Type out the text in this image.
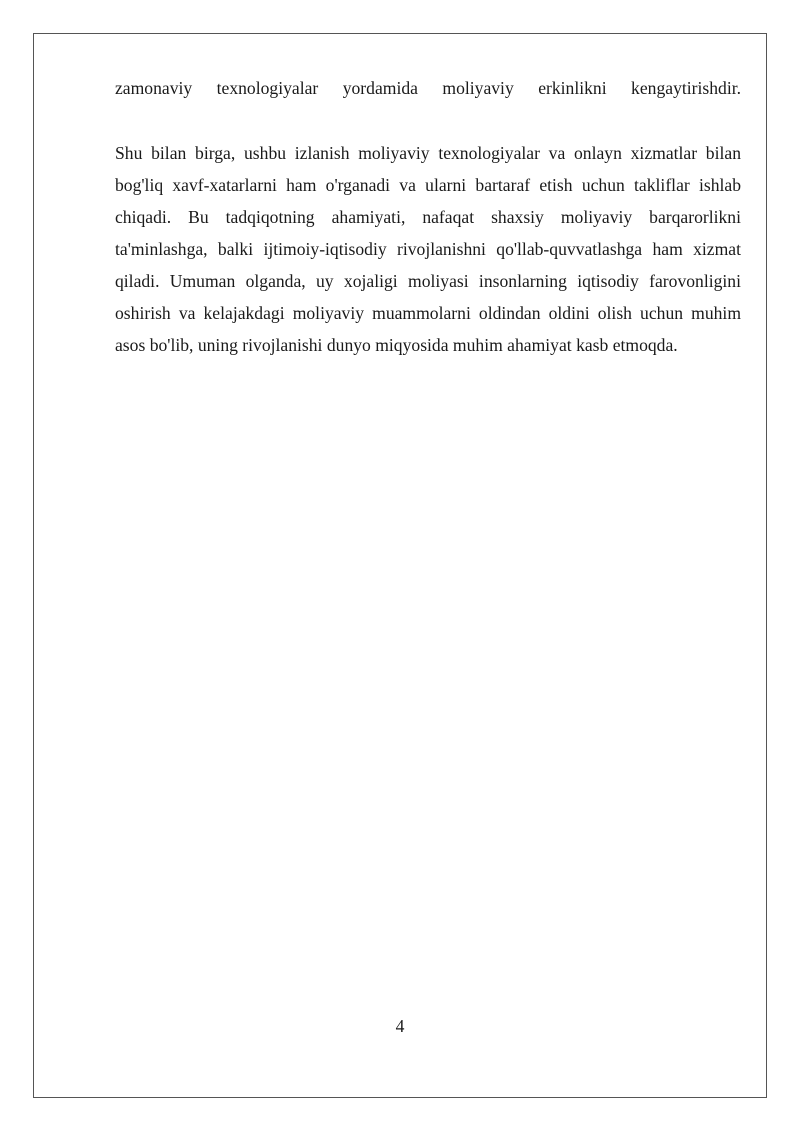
zamonaviy texnologiyalar yordamida moliyaviy erkinlikni kengaytirishdir.
Shu bilan birga, ushbu izlanish moliyaviy texnologiyalar va onlayn xizmatlar bilan bog'liq xavf-xatarlarni ham o'rganadi va ularni bartaraf etish uchun takliflar ishlab chiqadi. Bu tadqiqotning ahamiyati, nafaqat shaxsiy moliyaviy barqarorlikni ta'minlashga, balki ijtimoiy-iqtisodiy rivojlanishni qo'llab-quvvatlashga ham xizmat qiladi. Umuman olganda, uy xojaligi moliyasi insonlarning iqtisodiy farovonligini oshirish va kelajakdagi moliyaviy muammolarni oldindan oldini olish uchun muhim asos bo'lib, uning rivojlanishi dunyo miqyosida muhim ahamiyat kasb etmoqda.
4
